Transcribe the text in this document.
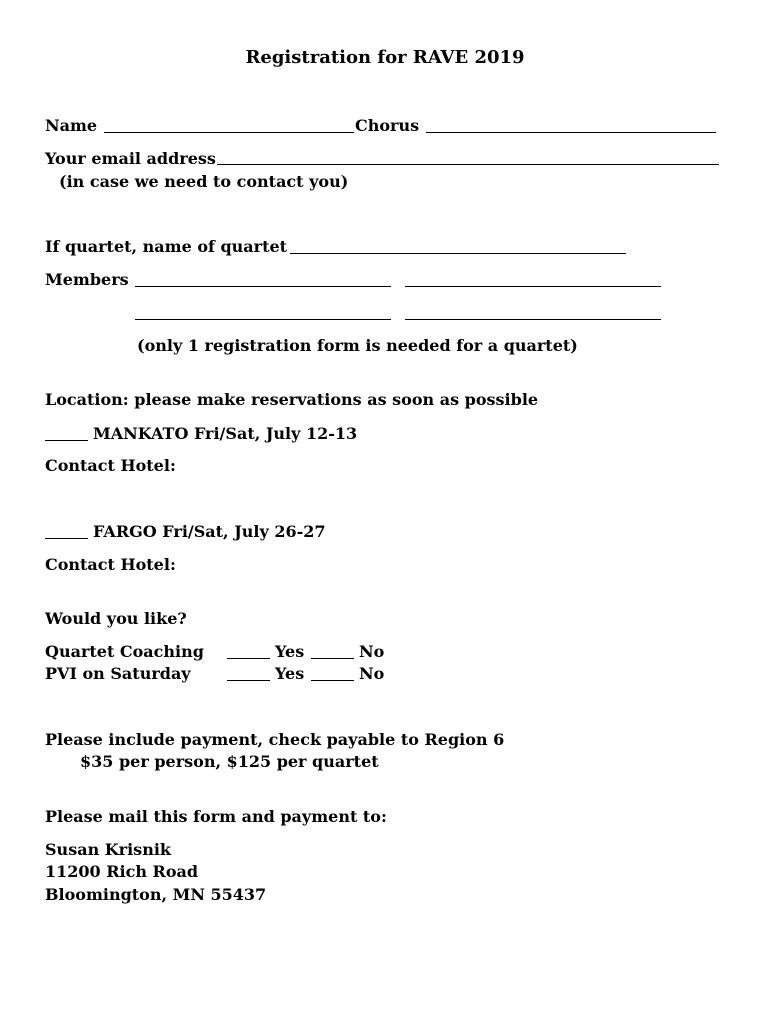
Registration for RAVE 2019
Name	Chorus
Your email address
(in case we need to contact you)
If quartet, name of quartet
Members
(only 1 registration form is needed for a quartet)
Location: please make reservations as soon as possible
MANKATO Fri/Sat, July 12-13
Contact Hotel:
FARGO Fri/Sat, July 26-27
Contact Hotel:
Would you like?
Quartet Coaching	Yes	No
PVI on Saturday	Yes	No
Please include payment, check payable to Region 6
$35 per person, $125 per quartet
Please mail this form and payment to:
Susan Krisnik
11200 Rich Road
Bloomington, MN 55437
